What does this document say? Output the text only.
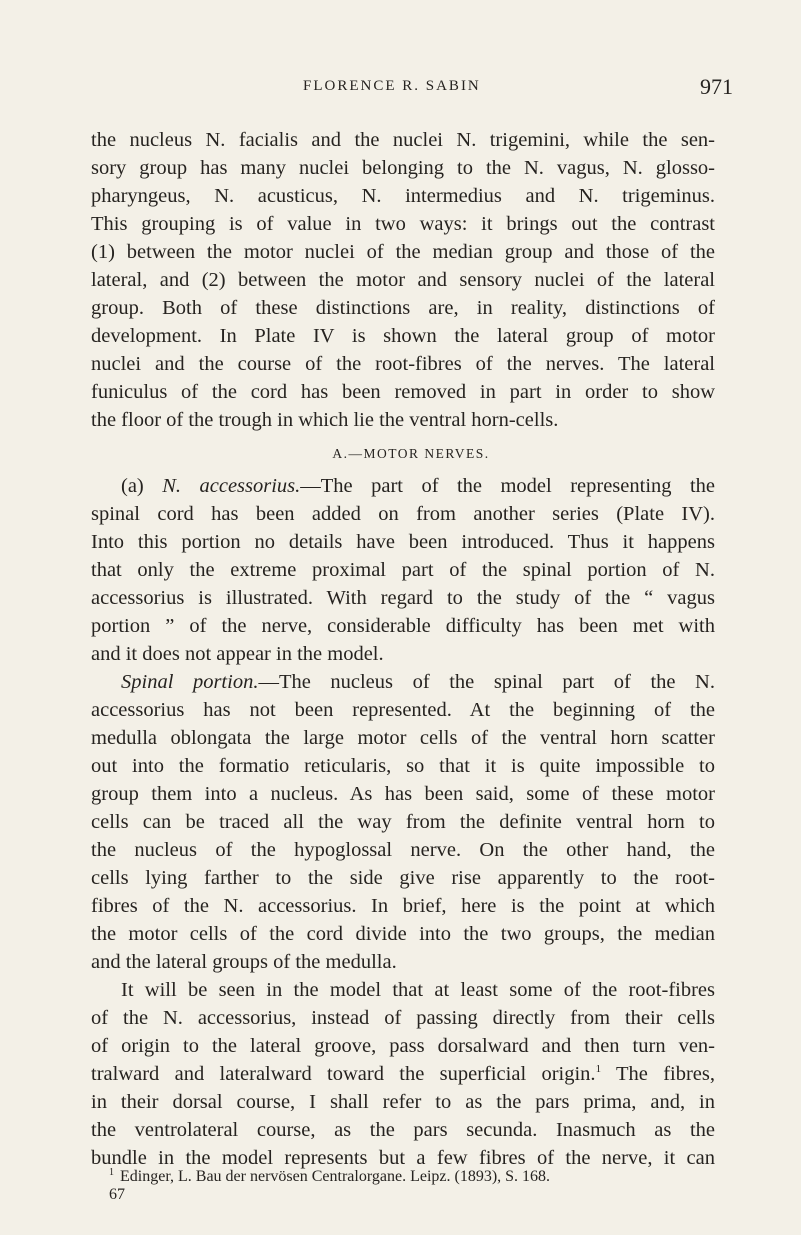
FLORENCE R. SABIN	971
the nucleus N. facialis and the nuclei N. trigemini, while the sen-
sory group has many nuclei belonging to the N. vagus, N. glosso-
pharyngeus, N. acusticus, N. intermedius and N. trigeminus.
This grouping is of value in two ways: it brings out the contrast
(1) between the motor nuclei of the median group and those of the
lateral, and (2) between the motor and sensory nuclei of the lateral
group. Both of these distinctions are, in reality, distinctions of
development. In Plate IV is shown the lateral group of motor
nuclei and the course of the root-fibres of the nerves. The lateral
funiculus of the cord has been removed in part in order to show
the floor of the trough in which lie the ventral horn-cells.
A.—MOTOR NERVES.
(a) N. accessorius.—The part of the model representing the
spinal cord has been added on from another series (Plate IV).
Into this portion no details have been introduced. Thus it happens
that only the extreme proximal part of the spinal portion of N.
accessorius is illustrated. With regard to the study of the “ vagus
portion ” of the nerve, considerable difficulty has been met with
and it does not appear in the model.
Spinal portion.—The nucleus of the spinal part of the N.
accessorius has not been represented. At the beginning of the
medulla oblongata the large motor cells of the ventral horn scatter
out into the formatio reticularis, so that it is quite impossible to
group them into a nucleus. As has been said, some of these motor
cells can be traced all the way from the definite ventral horn to
the nucleus of the hypoglossal nerve. On the other hand, the
cells lying farther to the side give rise apparently to the root-
fibres of the N. accessorius. In brief, here is the point at which
the motor cells of the cord divide into the two groups, the median
and the lateral groups of the medulla.
It will be seen in the model that at least some of the root-fibres
of the N. accessorius, instead of passing directly from their cells
of origin to the lateral groove, pass dorsalward and then turn ven-
tralward and lateralward toward the superficial origin.$^1$ The fibres,
in their dorsal course, I shall refer to as the pars prima, and, in
the ventrolateral course, as the pars secunda. Inasmuch as the
bundle in the model represents but a few fibres of the nerve, it can
$^1$ Edinger, L. Bau der nervösen Centralorgane. Leipz. (1893), S. 168.
67
